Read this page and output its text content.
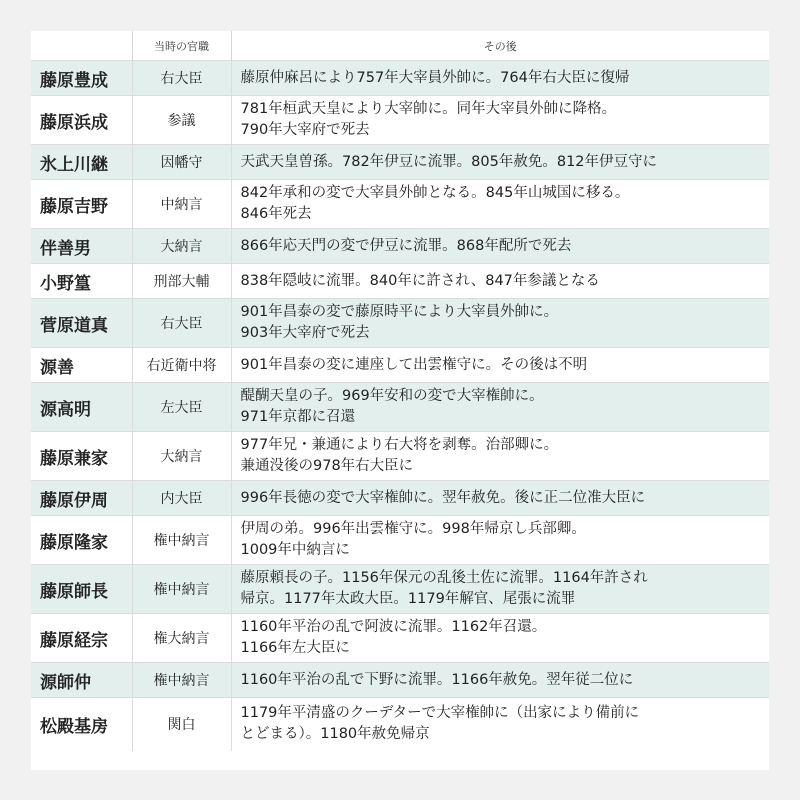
	当時の官職	その後
藤原豊成	右大臣	藤原仲麻呂により757年大宰員外帥に。764年右大臣に復帰

藤原浜成	参議	781年桓武天皇により大宰帥に。同年大宰員外帥に降格。
790年大宰府で死去

氷上川継	因幡守	天武天皇曽孫。782年伊豆に流罪。805年赦免。812年伊豆守に

藤原吉野	中納言	842年承和の変で大宰員外帥となる。845年山城国に移る。
846年死去

伴善男	大納言	866年応天門の変で伊豆に流罪。868年配所で死去

小野篁	刑部大輔	838年隠岐に流罪。840年に許され、847年参議となる

菅原道真	右大臣	901年昌泰の変で藤原時平により大宰員外帥に。
903年大宰府で死去

源善	右近衛中将	901年昌泰の変に連座して出雲権守に。その後は不明

源高明	左大臣	醍醐天皇の子。969年安和の変で大宰権帥に。
971年京都に召還

藤原兼家	大納言	977年兄・兼通により右大将を剥奪。治部卿に。
兼通没後の978年右大臣に

藤原伊周	内大臣	996年長徳の変で大宰権帥に。翌年赦免。後に正二位准大臣に

藤原隆家	権中納言	伊周の弟。996年出雲権守に。998年帰京し兵部卿。
1009年中納言に

藤原師長	権中納言	藤原頼長の子。1156年保元の乱後土佐に流罪。1164年許され
帰京。1177年太政大臣。1179年解官、尾張に流罪

藤原経宗	権大納言	1160年平治の乱で阿波に流罪。1162年召還。
1166年左大臣に

源師仲	権中納言	1160年平治の乱で下野に流罪。1166年赦免。翌年従二位に

松殿基房	関白	1179年平清盛のクーデターで大宰権帥に（出家により備前に
とどまる）。1180年赦免帰京
